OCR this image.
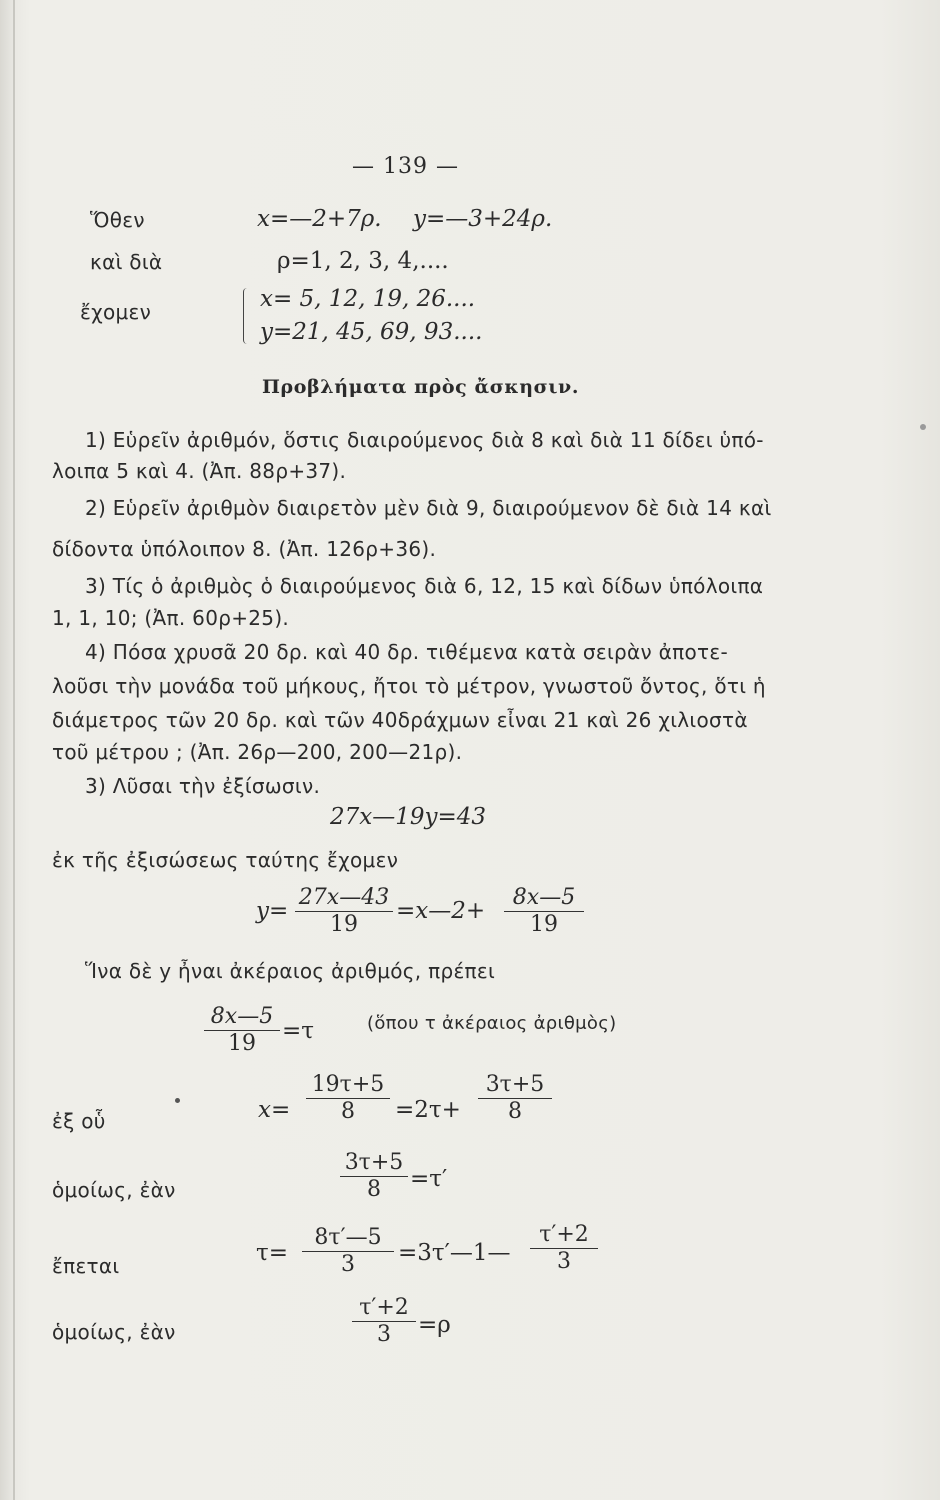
— 139 —
Ὅθεν	x=—2+7ρ. y=—3+24ρ.
καὶ διὰ	ρ=1, 2, 3, 4,....
ἔχομεν	x= 5, 12, 19, 26....
y=21, 45, 69, 93....
Προβλήματα πρὸς ἄσκησιν.
1) Εὑρεῖν ἀριθμόν, ὅστις διαιρούμενος διὰ 8 καὶ διὰ 11 δίδει ὑπό-
λοιπα 5 καὶ 4. (Ἀπ. 88ρ+37).
2) Εὑρεῖν ἀριθμὸν διαιρετὸν μὲν διὰ 9, διαιρούμενον δὲ διὰ 14 καὶ
δίδοντα ὑπόλοιπον 8. (Ἀπ. 126ρ+36).
3) Τίς ὁ ἀριθμὸς ὁ διαιρούμενος διὰ 6, 12, 15 καὶ δίδων ὑπόλοιπα
1, 1, 10; (Ἀπ. 60ρ+25).
4) Πόσα χρυσᾶ 20 δρ. καὶ 40 δρ. τιθέμενα κατὰ σειρὰν ἀποτε-
λοῦσι τὴν μονάδα τοῦ μήκους, ἤτοι τὸ μέτρον, γνωστοῦ ὄντος, ὅτι ἡ
διάμετρος τῶν 20 δρ. καὶ τῶν 40δράχμων εἶναι 21 καὶ 26 χιλιοστὰ
τοῦ μέτρου ; (Ἀπ. 26ρ—200, 200—21ρ).
3) Λῦσαι τὴν ἐξίσωσιν.
27x—19y=43
ἐκ τῆς ἐξισώσεως ταύτης ἔχομεν
y=
27x—43
19
=x—2+
8x—5
19
Ἵνα δὲ y ἦναι ἀκέραιος ἀριθμός, πρέπει
8x—5
19	=τ	(ὅπου τ ἀκέραιος ἀριθμὸς)
ἐξ οὗ	x=
19τ+5
8	=2τ+
3τ+5
8
ὁμοίως, ἐὰν
3τ+5
8	=τ′
ἔπεται	τ=
8τ′—5
3	=3τ′—1—
τ′+2
3
ὁμοίως, ἐὰν
τ′+2
3	=ρ
